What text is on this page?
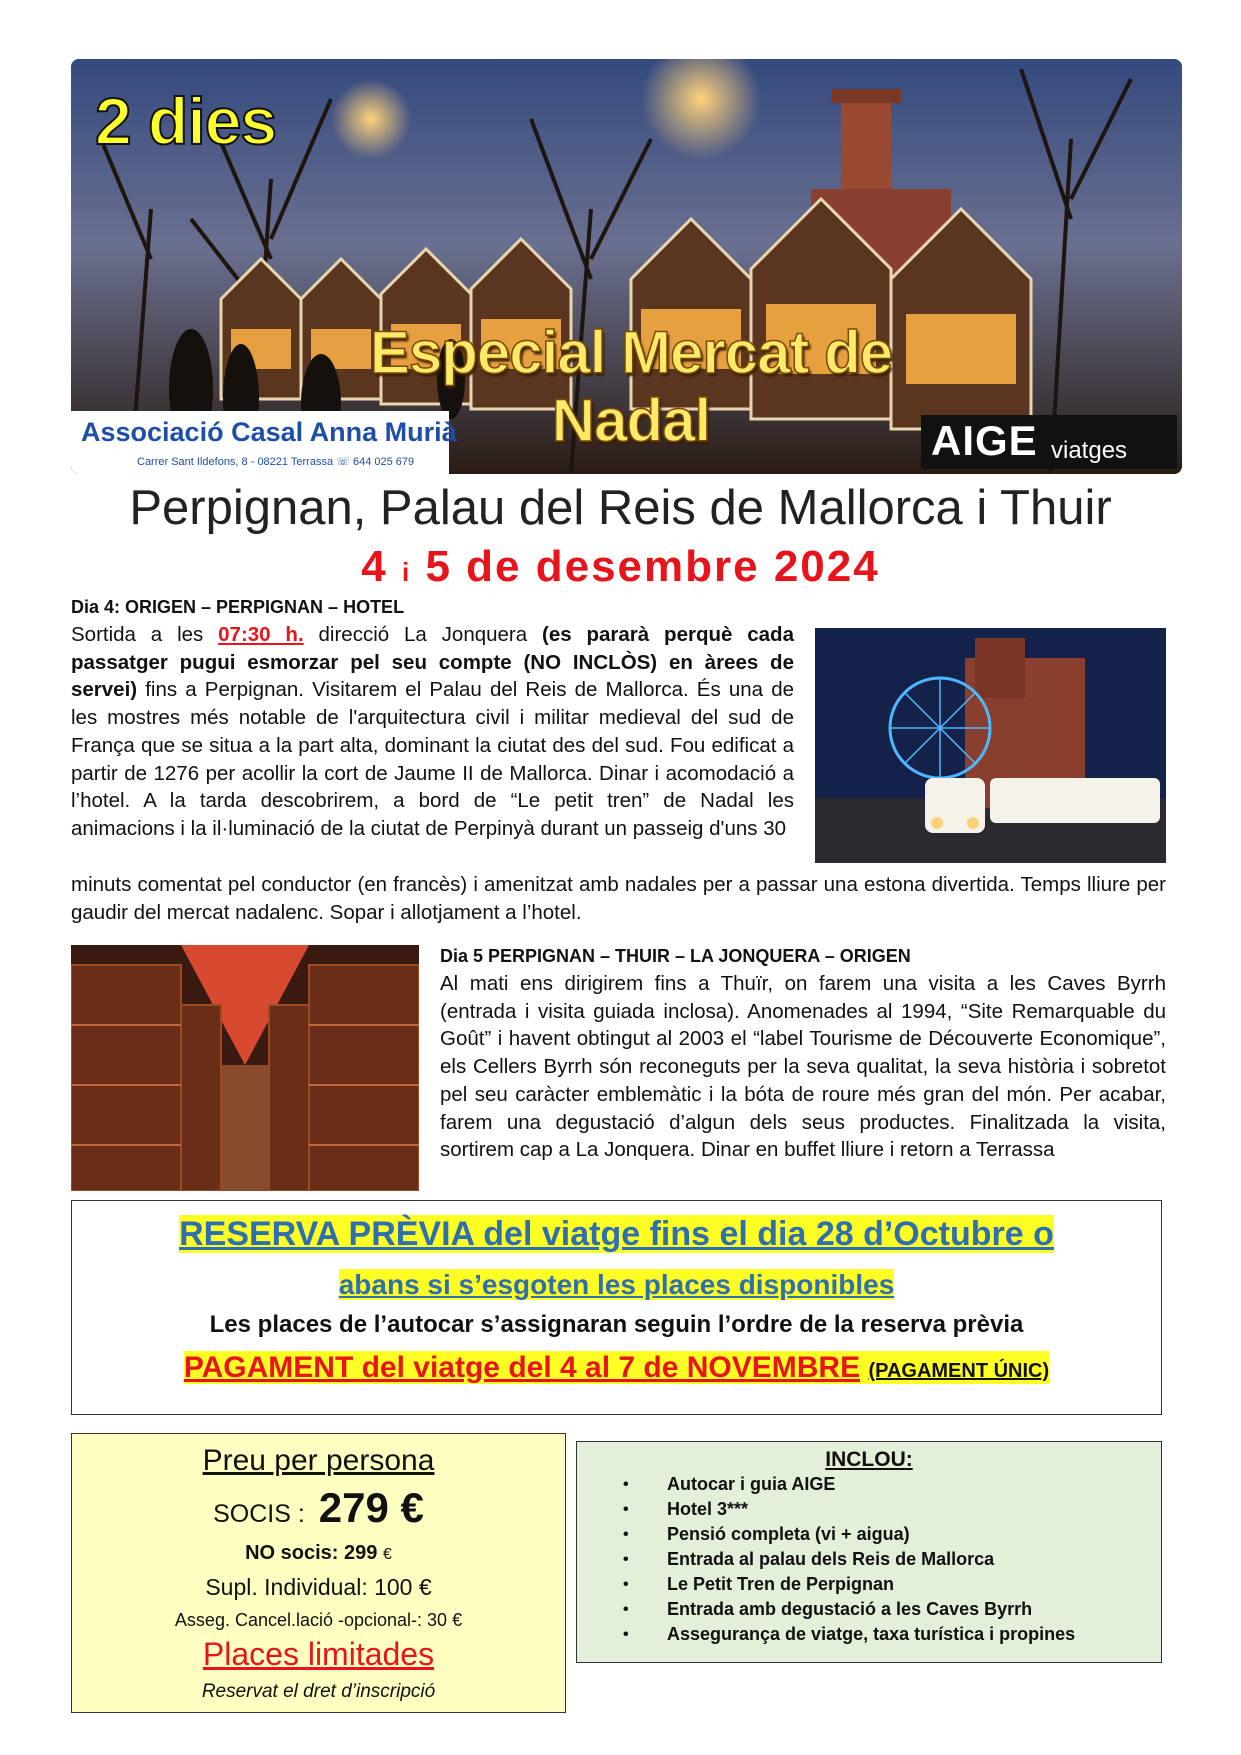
2 dies
Especial Mercat de
Nadal
Associació Casal Anna Murià
Carrer Sant Ildefons, 8 - 08221 Terrassa ☏ 644 025 679	AIGE viatges
Perpignan, Palau del Reis de Mallorca i Thuir
4 i 5 de desembre 2024
Dia 4: ORIGEN – PERPIGNAN – HOTEL
Sortida a les 07:30 h. direcció La Jonquera (es pararà perquè cada passatger pugui esmorzar pel seu compte (NO INCLÒS) en àrees de servei) fins a Perpignan. Visitarem el Palau del Reis de Mallorca. És una de les mostres més notable de l'arquitectura civil i militar medieval del sud de França que se situa a la part alta, dominant la ciutat des del sud. Fou edificat a partir de 1276 per acollir la cort de Jaume II de Mallorca. Dinar i acomodació a l’hotel. A la tarda descobrirem, a bord de “Le petit tren” de Nadal les animacions i la il·luminació de la ciutat de Perpinyà durant un passeig d'uns 30
minuts comentat pel conductor (en francès) i amenitzat amb nadales per a passar una estona divertida. Temps lliure per gaudir del mercat nadalenc. Sopar i allotjament a l’hotel.
Dia 5 PERPIGNAN – THUIR – LA JONQUERA – ORIGEN
Al mati ens dirigirem fins a Thuïr, on farem una visita a les Caves Byrrh (entrada i visita guiada inclosa). Anomenades al 1994, “Site Remarquable du Goût” i havent obtingut al 2003 el “label Tourisme de Découverte Economique”, els Cellers Byrrh són reconeguts per la seva qualitat, la seva història i sobretot pel seu caràcter emblemàtic i la bóta de roure més gran del món. Per acabar, farem una degustació d’algun dels seus productes. Finalitzada la visita, sortirem cap a La Jonquera. Dinar en buffet lliure i retorn a Terrassa
RESERVA PRÈVIA del viatge fins el dia 28 d’Octubre o
abans si s’esgoten les places disponibles
Les places de l’autocar s’assignaran seguin l’ordre de la reserva prèvia
PAGAMENT del viatge del 4 al 7 de NOVEMBRE (PAGAMENT ÚNIC)
Preu per persona
SOCIS : 279 €
NO socis: 299 €
Supl. Individual: 100 €
Asseg. Cancel.lació -opcional-: 30 €
Places limitades
Reservat el dret d’inscripció
INCLOU:
• Autocar i guia AIGE
• Hotel 3***
• Pensió completa (vi + aigua)
• Entrada al palau dels Reis de Mallorca
• Le Petit Tren de Perpignan
• Entrada amb degustació a les Caves Byrrh
• Assegurança de viatge, taxa turística i propines
